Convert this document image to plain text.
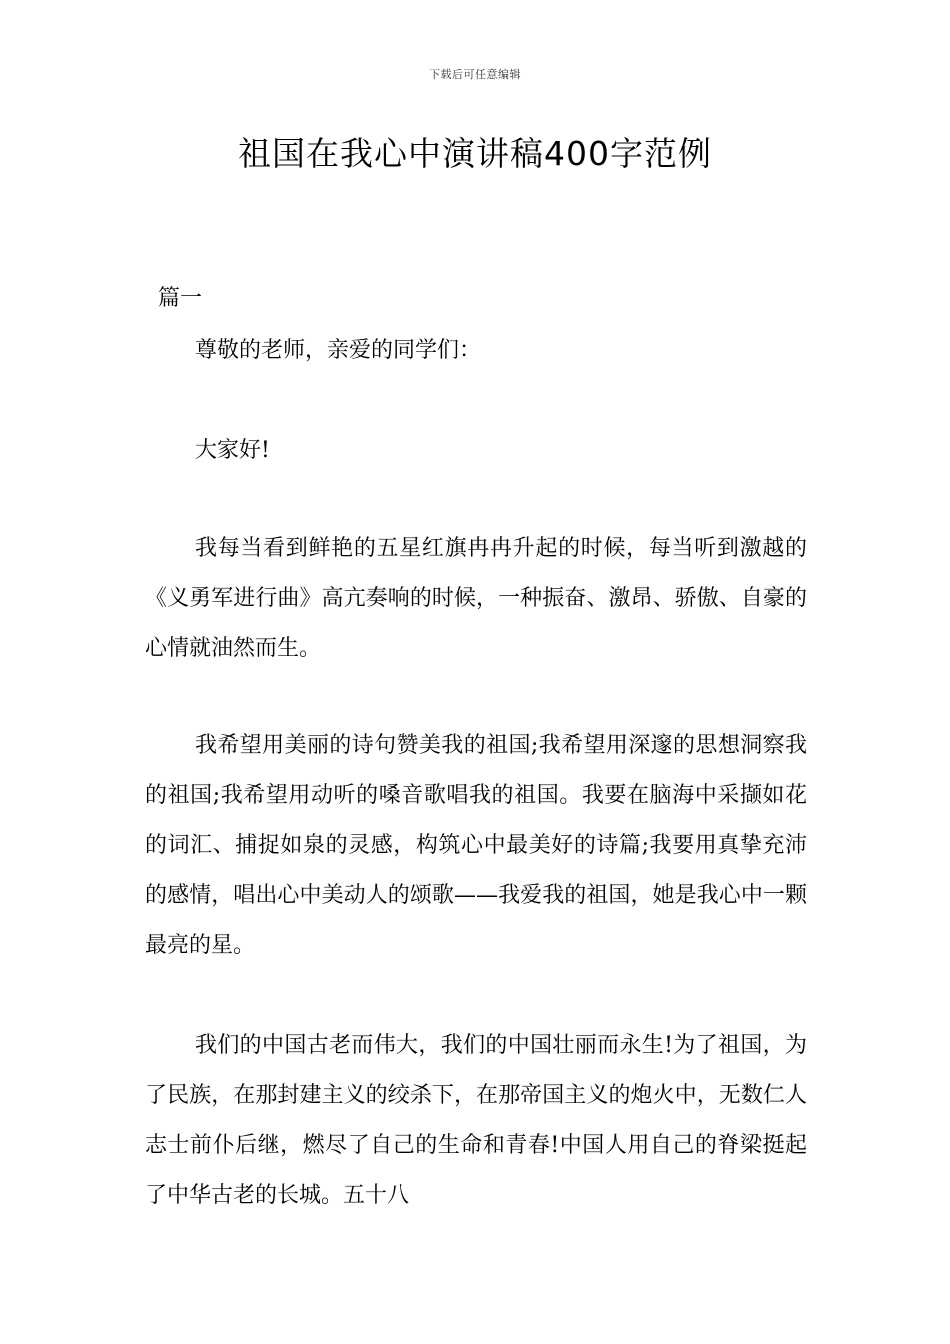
下载后可任意编辑
祖国在我心中演讲稿400字范例
篇一

尊敬的老师，亲爱的同学们：

大家好!

我每当看到鲜艳的五星红旗冉冉升起的时候，每当听到激越的《义勇军进行曲》高亢奏响的时候，一种振奋、激昂、骄傲、自豪的心情就油然而生。

我希望用美丽的诗句赞美我的祖国;我希望用深邃的思想洞察我的祖国;我希望用动听的嗓音歌唱我的祖国。我要在脑海中采撷如花的词汇、捕捉如泉的灵感，构筑心中最美好的诗篇;我要用真挚充沛的感情，唱出心中美动人的颂歌——我爱我的祖国，她是我心中一颗最亮的星。

我们的中国古老而伟大，我们的中国壮丽而永生!为了祖国，为了民族，在那封建主义的绞杀下，在那帝国主义的炮火中，无数仁人志士前仆后继，燃尽了自己的生命和青春!中国人用自己的脊梁挺起了中华古老的长城。五十八
